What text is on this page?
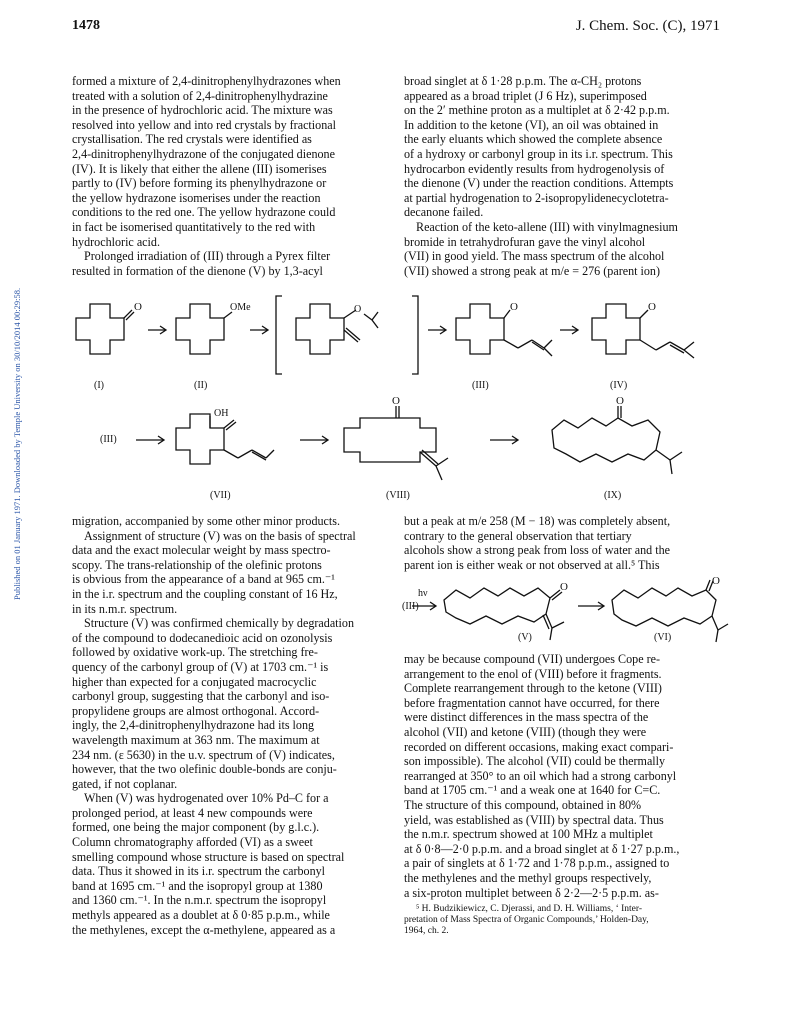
1478	J. Chem. Soc. (C), 1971
Published on 01 January 1971. Downloaded by Temple University on 30/10/2014 00:29:58.

formed a mixture of 2,4-dinitrophenylhydrazones when

treated with a solution of 2,4-dinitrophenylhydrazine

in the presence of hydrochloric acid. The mixture was

resolved into yellow and into red crystals by fractional

crystallisation. The red crystals were identified as

2,4-dinitrophenylhydrazone of the conjugated dienone

(IV). It is likely that either the allene (III) isomerises

partly to (IV) before forming its phenylhydrazone or

the yellow hydrazone isomerises under the reaction

conditions to the red one. The yellow hydrazone could

in fact be isomerised quantitatively to the red with

hydrochloric acid.

Prolonged irradiation of (III) through a Pyrex filter

resulted in formation of the dienone (V) by 1,3-acyl

broad singlet at δ 1·28 p.p.m. The α-CH₂ protons

appeared as a broad triplet (J 6 Hz), superimposed

on the 2′ methine proton as a multiplet at δ 2·42 p.p.m.

In addition to the ketone (VI), an oil was obtained in

the early eluants which showed the complete absence

of a hydroxy or carbonyl group in its i.r. spectrum. This

hydrocarbon evidently results from hydrogenolysis of

the dienone (V) under the reaction conditions. Attempts

at partial hydrogenation to 2-isopropylidenecyclotetra-

decanone failed.

Reaction of the keto-allene (III) with vinylmagnesium

bromide in tetrahydrofuran gave the vinyl alcohol

(VII) in good yield. The mass spectrum of the alcohol

(VII) showed a strong peak at m/e = 276 (parent ion)

O	OMe	O	O	O
(I)	(II)	(III)	(IV)
(III)
OH
O	O
(VII)	(VIII)	(IX)

migration, accompanied by some other minor products.

Assignment of structure (V) was on the basis of spectral

data and the exact molecular weight by mass spectro-

scopy. The trans-relationship of the olefinic protons

is obvious from the appearance of a band at 965 cm.⁻¹

in the i.r. spectrum and the coupling constant of 16 Hz,

in its n.m.r. spectrum.

Structure (V) was confirmed chemically by degradation

of the compound to dodecanedioic acid on ozonolysis

followed by oxidative work-up. The stretching fre-

quency of the carbonyl group of (V) at 1703 cm.⁻¹ is

higher than expected for a conjugated macrocyclic

carbonyl group, suggesting that the carbonyl and iso-

propylidene groups are almost orthogonal. Accord-

ingly, the 2,4-dinitrophenylhydrazone had its long

wavelength maximum at 363 nm. The maximum at

234 nm. (ε 5630) in the u.v. spectrum of (V) indicates,

however, that the two olefinic double-bonds are conju-

gated, if not coplanar.

When (V) was hydrogenated over 10% Pd–C for a

prolonged period, at least 4 new compounds were

formed, one being the major component (by g.l.c.).

Column chromatography afforded (VI) as a sweet

smelling compound whose structure is based on spectral

data. Thus it showed in its i.r. spectrum the carbonyl

band at 1695 cm.⁻¹ and the isopropyl group at 1380

and 1360 cm.⁻¹. In the n.m.r. spectrum the isopropyl

methyls appeared as a doublet at δ 0·85 p.p.m., while

the methylenes, except the α-methylene, appeared as a

but a peak at m/e 258 (M − 18) was completely absent,

contrary to the general observation that tertiary

alcohols show a strong peak from loss of water and the

parent ion is either weak or not observed at all.⁵ This

(III)
hν
O	O
(V)	(VI)

may be because compound (VII) undergoes Cope re-

arrangement to the enol of (VIII) before it fragments.

Complete rearrangement through to the ketone (VIII)

before fragmentation cannot have occurred, for there

were distinct differences in the mass spectra of the

alcohol (VII) and ketone (VIII) (though they were

recorded on different occasions, making exact compari-

son impossible). The alcohol (VII) could be thermally

rearranged at 350° to an oil which had a strong carbonyl

band at 1705 cm.⁻¹ and a weak one at 1640 for C=C.

The structure of this compound, obtained in 80%

yield, was established as (VIII) by spectral data. Thus

the n.m.r. spectrum showed at 100 MHz a multiplet

at δ 0·8—2·0 p.p.m. and a broad singlet at δ 1·27 p.p.m.,

a pair of singlets at δ 1·72 and 1·78 p.p.m., assigned to

the methylenes and the methyl groups respectively,

a six-proton multiplet between δ 2·2—2·5 p.p.m. as-

⁵ H. Budzikiewicz, C. Djerassi, and D. H. Williams, ‘ Inter-

pretation of Mass Spectra of Organic Compounds,’ Holden-Day,

1964, ch. 2.
